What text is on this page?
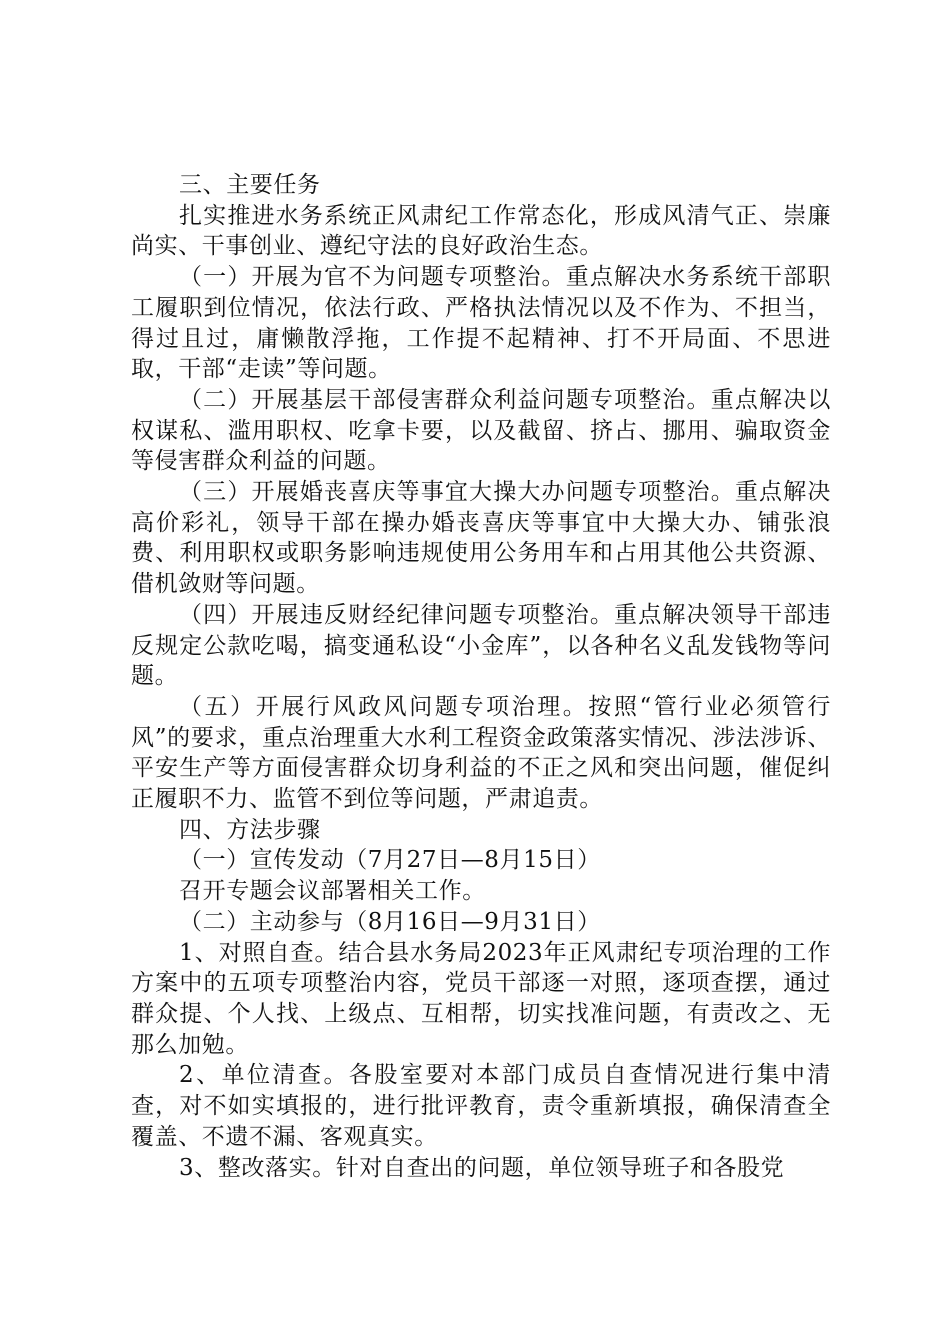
三、主要任务

扎实推进水务系统正风肃纪工作常态化，形成风清气正、崇廉尚实、干事创业、遵纪守法的良好政治生态。

（一）开展为官不为问题专项整治。重点解决水务系统干部职工履职到位情况，依法行政、严格执法情况以及不作为、不担当，得过且过，庸懒散浮拖，工作提不起精神、打不开局面、不思进取，干部“走读”等问题。

（二）开展基层干部侵害群众利益问题专项整治。重点解决以权谋私、滥用职权、吃拿卡要，以及截留、挤占、挪用、骗取资金等侵害群众利益的问题。

（三）开展婚丧喜庆等事宜大操大办问题专项整治。重点解决高价彩礼，领导干部在操办婚丧喜庆等事宜中大操大办、铺张浪费、利用职权或职务影响违规使用公务用车和占用其他公共资源、借机敛财等问题。

（四）开展违反财经纪律问题专项整治。重点解决领导干部违反规定公款吃喝，搞变通私设“小金库”，以各种名义乱发钱物等问题。

（五）开展行风政风问题专项治理。按照“管行业必须管行风”的要求，重点治理重大水利工程资金政策落实情况、涉法涉诉、平安生产等方面侵害群众切身利益的不正之风和突出问题，催促纠正履职不力、监管不到位等问题，严肃追责。

四、方法步骤

（一）宣传发动（7月27日—8月15日）

召开专题会议部署相关工作。

（二）主动参与（8月16日—9月31日）

1、对照自查。结合县水务局2023年正风肃纪专项治理的工作方案中的五项专项整治内容，党员干部逐一对照，逐项查摆，通过群众提、个人找、上级点、互相帮，切实找准问题，有责改之、无那么加勉。

2、单位清查。各股室要对本部门成员自查情况进行集中清查，对不如实填报的，进行批评教育，责令重新填报，确保清查全覆盖、不遗不漏、客观真实。

3、整改落实。针对自查出的问题，单位领导班子和各股党
